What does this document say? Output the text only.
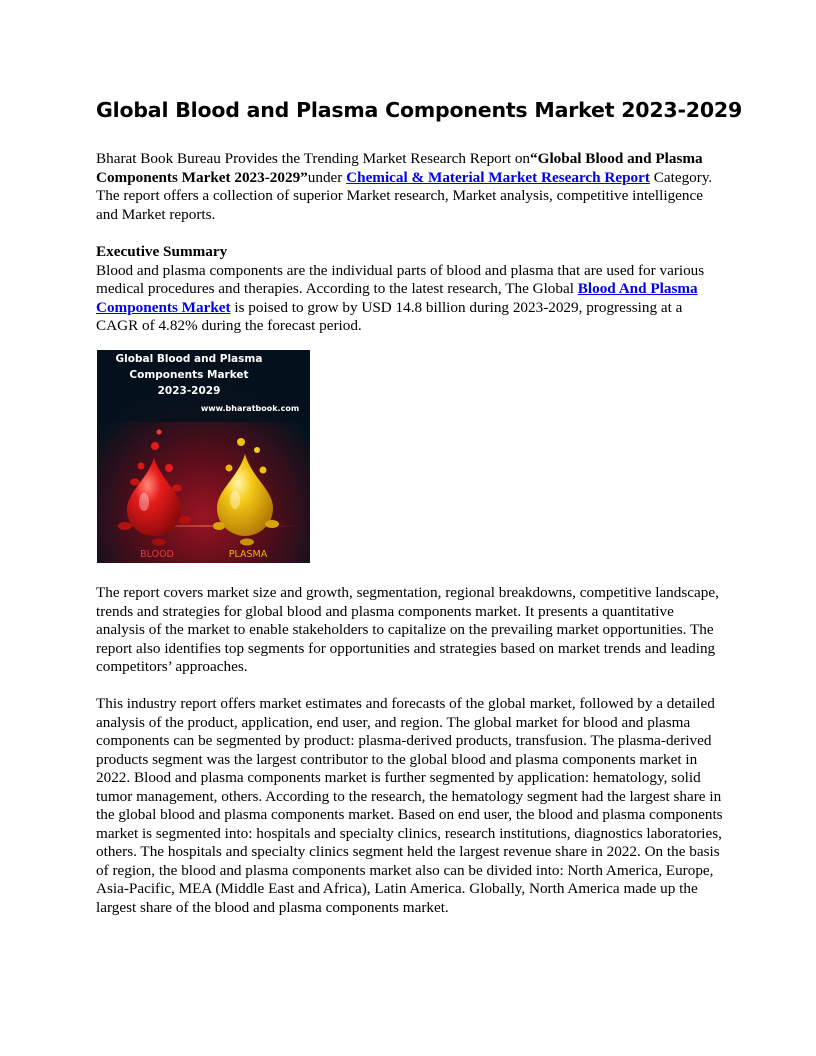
Global Blood and Plasma Components Market 2023-2029
Bharat Book Bureau Provides the Trending Market Research Report on“Global Blood and Plasma Components Market 2023-2029”under Chemical & Material Market Research Report Category. The report offers a collection of superior Market research, Market analysis, competitive intelligence and Market reports.
Executive Summary
Blood and plasma components are the individual parts of blood and plasma that are used for various medical procedures and therapies. According to the latest research, The Global Blood And Plasma Components Market is poised to grow by USD 14.8 billion during 2023-2029, progressing at a CAGR of 4.82% during the forecast period.
Global Blood and Plasma
Components Market
2023-2029
www.bharatbook.com
BLOOD	PLASMA
The report covers market size and growth, segmentation, regional breakdowns, competitive landscape, trends and strategies for global blood and plasma components market. It presents a quantitative analysis of the market to enable stakeholders to capitalize on the prevailing market opportunities. The report also identifies top segments for opportunities and strategies based on market trends and leading competitors’ approaches.
This industry report offers market estimates and forecasts of the global market, followed by a detailed analysis of the product, application, end user, and region. The global market for blood and plasma components can be segmented by product: plasma-derived products, transfusion. The plasma-derived products segment was the largest contributor to the global blood and plasma components market in 2022. Blood and plasma components market is further segmented by application: hematology, solid tumor management, others. According to the research, the hematology segment had the largest share in the global blood and plasma components market. Based on end user, the blood and plasma components market is segmented into: hospitals and specialty clinics, research institutions, diagnostics laboratories, others. The hospitals and specialty clinics segment held the largest revenue share in 2022. On the basis of region, the blood and plasma components market also can be divided into: North America, Europe, Asia-Pacific, MEA (Middle East and Africa), Latin America. Globally, North America made up the largest share of the blood and plasma components market.
